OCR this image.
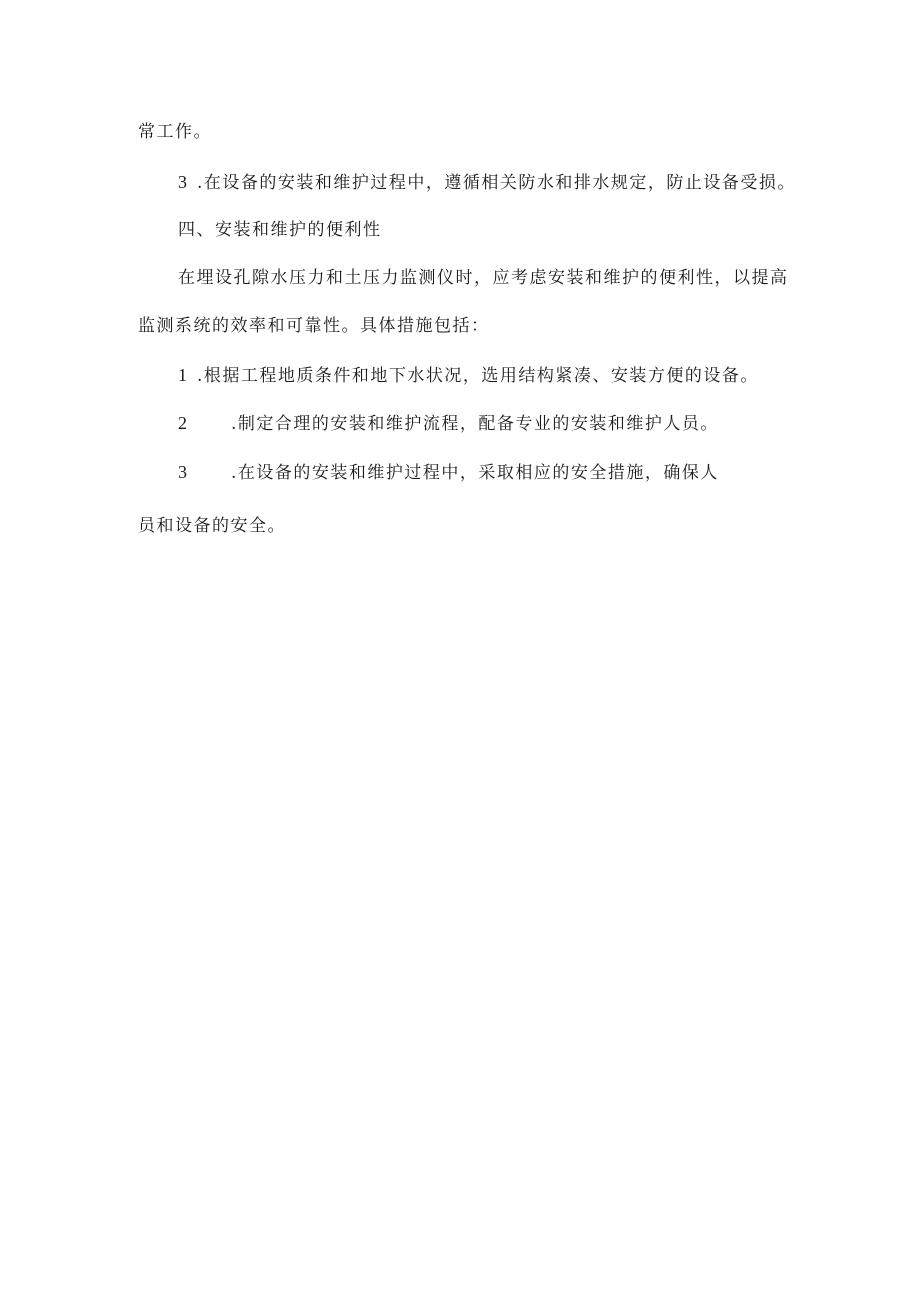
常工作。
3 .在设备的安装和维护过程中，遵循相关防水和排水规定，防止设备受损。
四、安装和维护的便利性
在埋设孔隙水压力和土压力监测仪时，应考虑安装和维护的便利性，以提高
监测系统的效率和可靠性。具体措施包括：
1 .根据工程地质条件和地下水状况，选用结构紧凑、安装方便的设备。
2	.制定合理的安装和维护流程，配备专业的安装和维护人员。
3	.在设备的安装和维护过程中，采取相应的安全措施，确保人
员和设备的安全。
